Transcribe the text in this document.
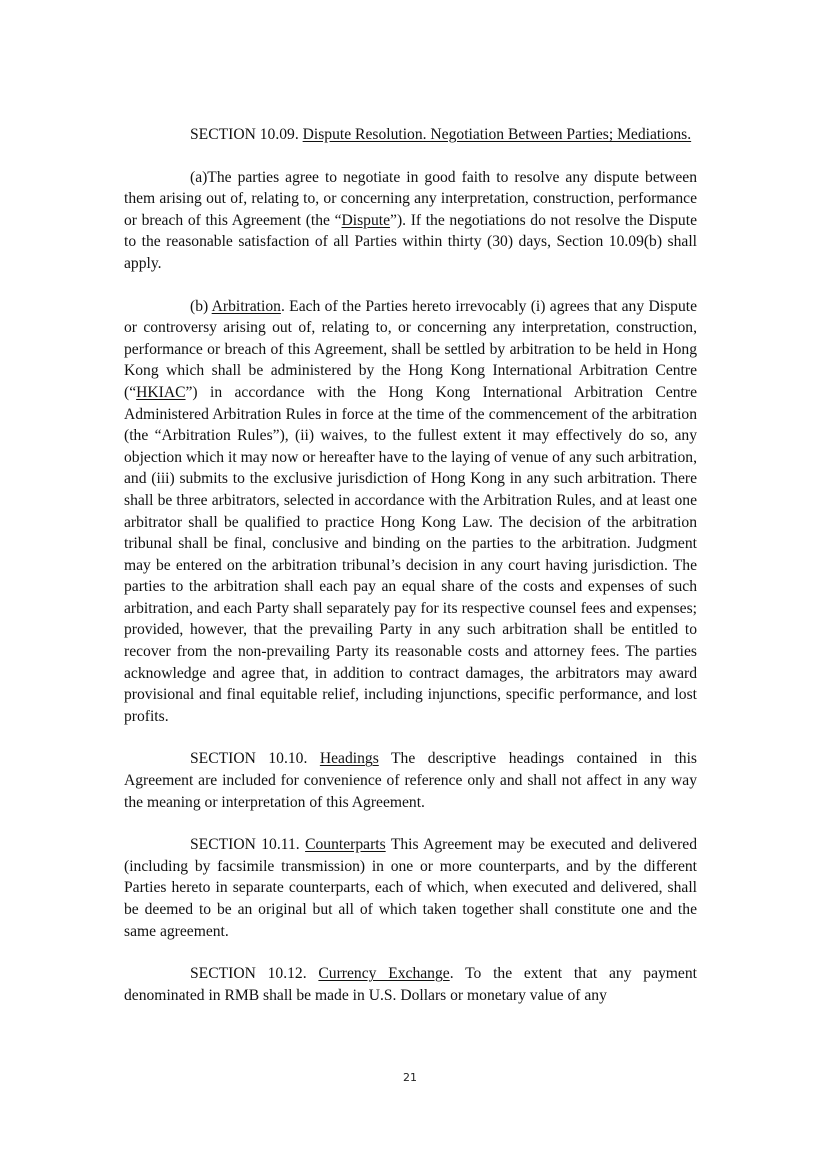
SECTION 10.09. Dispute Resolution. Negotiation Between Parties; Mediations.

(a)The parties agree to negotiate in good faith to resolve any dispute between them arising out of, relating to, or concerning any interpretation, construction, performance or breach of this Agreement (the “Dispute”). If the negotiations do not resolve the Dispute to the reasonable satisfaction of all Parties within thirty (30) days, Section 10.09(b) shall apply.

(b) Arbitration. Each of the Parties hereto irrevocably (i) agrees that any Dispute or controversy arising out of, relating to, or concerning any interpretation, construction, performance or breach of this Agreement, shall be settled by arbitration to be held in Hong Kong which shall be administered by the Hong Kong International Arbitration Centre (“HKIAC”) in accordance with the Hong Kong International Arbitration Centre Administered Arbitration Rules in force at the time of the commencement of the arbitration (the “Arbitration Rules”), (ii) waives, to the fullest extent it may effectively do so, any objection which it may now or hereafter have to the laying of venue of any such arbitration, and (iii) submits to the exclusive jurisdiction of Hong Kong in any such arbitration. There shall be three arbitrators, selected in accordance with the Arbitration Rules, and at least one arbitrator shall be qualified to practice Hong Kong Law. The decision of the arbitration tribunal shall be final, conclusive and binding on the parties to the arbitration. Judgment may be entered on the arbitration tribunal’s decision in any court having jurisdiction. The parties to the arbitration shall each pay an equal share of the costs and expenses of such arbitration, and each Party shall separately pay for its respective counsel fees and expenses; provided, however, that the prevailing Party in any such arbitration shall be entitled to recover from the non-prevailing Party its reasonable costs and attorney fees. The parties acknowledge and agree that, in addition to contract damages, the arbitrators may award provisional and final equitable relief, including injunctions, specific performance, and lost profits.

SECTION 10.10. Headings The descriptive headings contained in this Agreement are included for convenience of reference only and shall not affect in any way the meaning or interpretation of this Agreement.

SECTION 10.11. Counterparts This Agreement may be executed and delivered (including by facsimile transmission) in one or more counterparts, and by the different Parties hereto in separate counterparts, each of which, when executed and delivered, shall be deemed to be an original but all of which taken together shall constitute one and the same agreement.

SECTION 10.12. Currency Exchange. To the extent that any payment denominated in RMB shall be made in U.S. Dollars or monetary value of any

21
